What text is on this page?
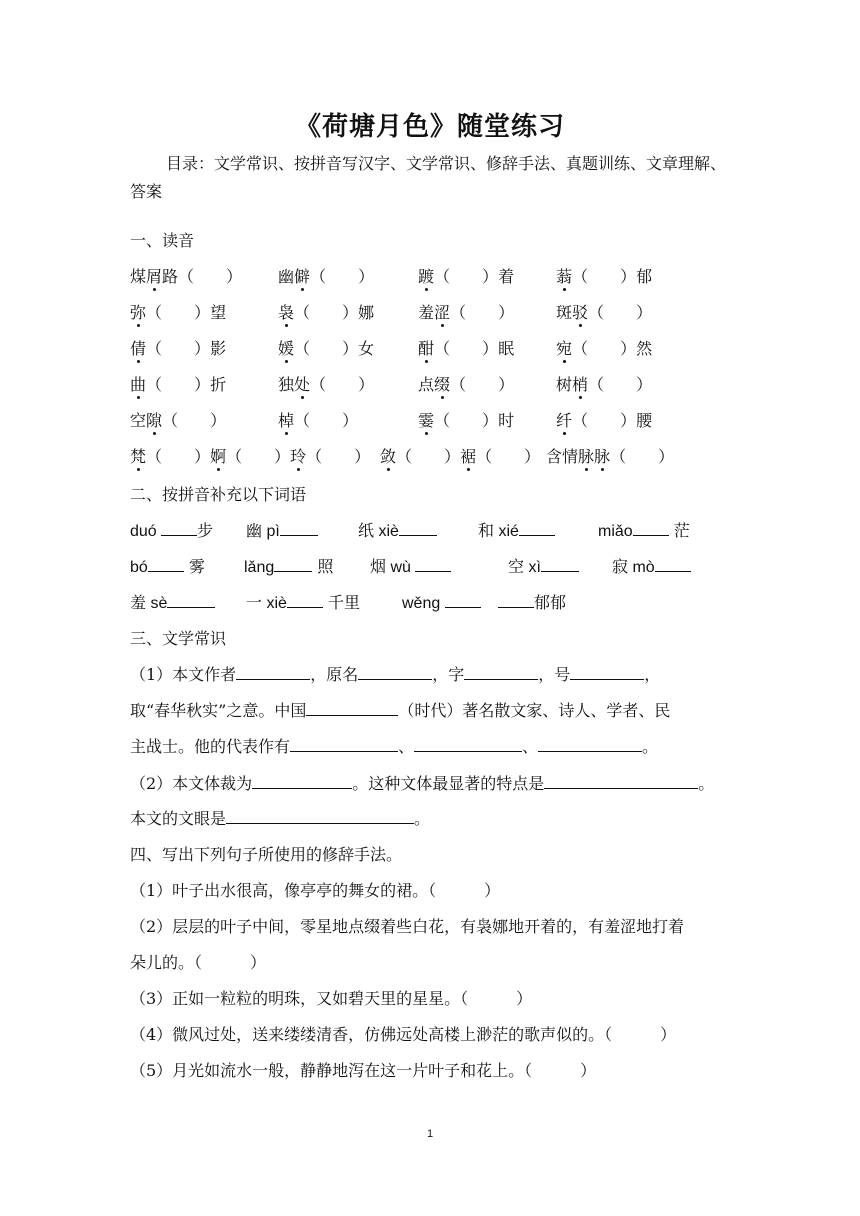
《荷塘月色》随堂练习
目录：文学常识、按拼音写汉字、文学常识、修辞手法、真题训练、文章理解、答案
一、读音
煤屑路（　　 ） 幽僻（　　 ）	踱（　　 ）着	蓊（　　 ）郁
弥（　　 ）望	袅（　　 ）娜	羞涩（　　 ）	斑驳（　　 ）
倩（　　 ）影	媛（　　 ）女	酣（　　 ）眠	宛（　　 ）然
曲（　　 ）折	独处（　　 ）	点缀（　　 ）	树梢（　　 ）
空隙（　　 ）	棹（　　 ）	霎（　　 ）时	纤（　　 ）腰
梵（　　 ）婀（　　 ）玲（　　 ） 敛（　　 ）裾（　　 ） 含情脉脉（　　 ）
二、按拼音补充以下词语
duó 步 幽 pì	纸 xiè	和 xié	miǎo 茫
bó 雾 lǎng 照 烟 wù	空 xì	寂 mò
羞 sè	一 xiè 千里	wěng	郁郁
三、文学常识
（1）本文作者	，原名	，字	，号	，
取“春华秋实”之意。中国	（时代）著名散文家、诗人、学者、民
主战士。他的代表作有	、	、	。
（2）本文体裁为	。这种文体最显著的特点是	。
本文的文眼是	。
四、写出下列句子所使用的修辞手法。
（1）叶子出水很高，像亭亭的舞女的裙。（　　　）
（2）层层的叶子中间，零星地点缀着些白花，有袅娜地开着的，有羞涩地打着
朵儿的。（　　　）
（3）正如一粒粒的明珠，又如碧天里的星星。（　　　）
（4）微风过处，送来缕缕清香，仿佛远处高楼上渺茫的歌声似的。（　　　）
（5）月光如流水一般，静静地泻在这一片叶子和花上。（　　　）
1
